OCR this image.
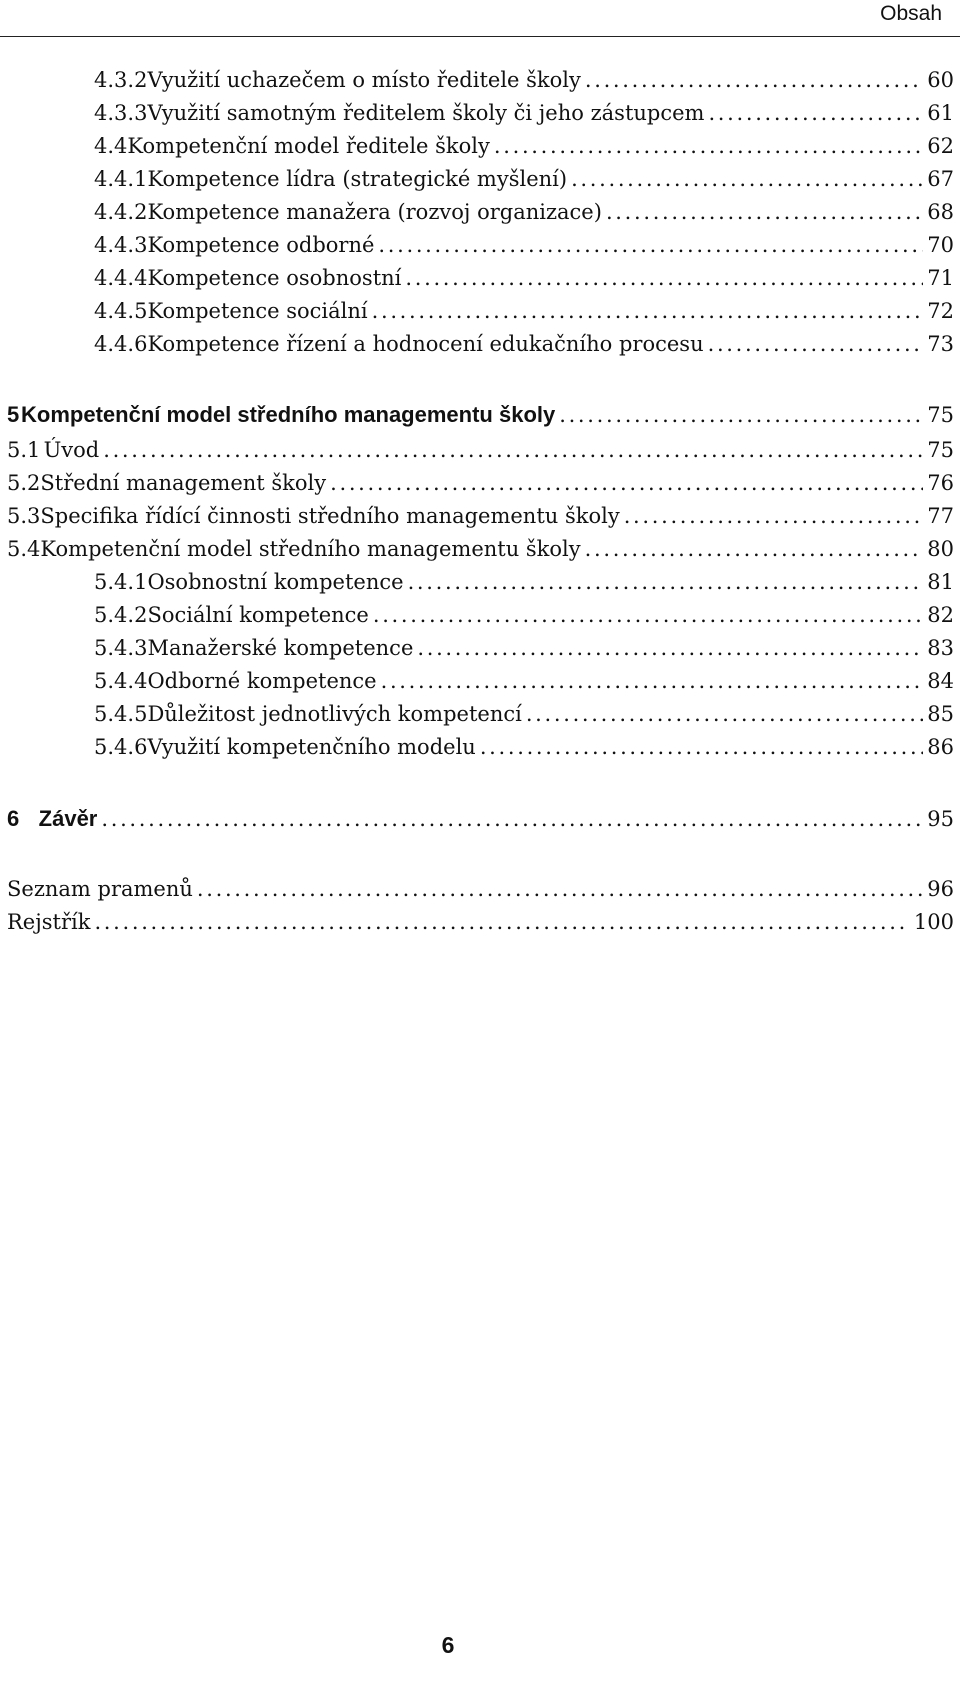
Obsah
4.3.2 Využití uchazečem o místo ředitele školy . . .	60
4.3.3 Využití samotným ředitelem školy či jeho zástupcem . . .	61
4.4 Kompetenční model ředitele školy . . .	62
4.4.1 Kompetence lídra (strategické myšlení) . . .	67
4.4.2 Kompetence manažera (rozvoj organizace) . . .	68
4.4.3 Kompetence odborné . . .	70
4.4.4 Kompetence osobnostní . . .	71
4.4.5 Kompetence sociální . . .	72
4.4.6 Kompetence řízení a hodnocení edukačního procesu . . .	73
5 Kompetenční model středního managementu školy . . .	75
5.1 Úvod . . .	75
5.2 Střední management školy . . .	76
5.3 Specifika řídící činnosti středního managementu školy . . .	77
5.4 Kompetenční model středního managementu školy . . .	80
5.4.1 Osobnostní kompetence . . .	81
5.4.2 Sociální kompetence . . .	82
5.4.3 Manažerské kompetence . . .	83
5.4.4 Odborné kompetence . . .	84
5.4.5 Důležitost jednotlivých kompetencí . . .	85
5.4.6 Využití kompetenčního modelu . . .	86
6 Závěr . . .	95
Seznam pramenů . . .	96
Rejstřík . . .	100
6
